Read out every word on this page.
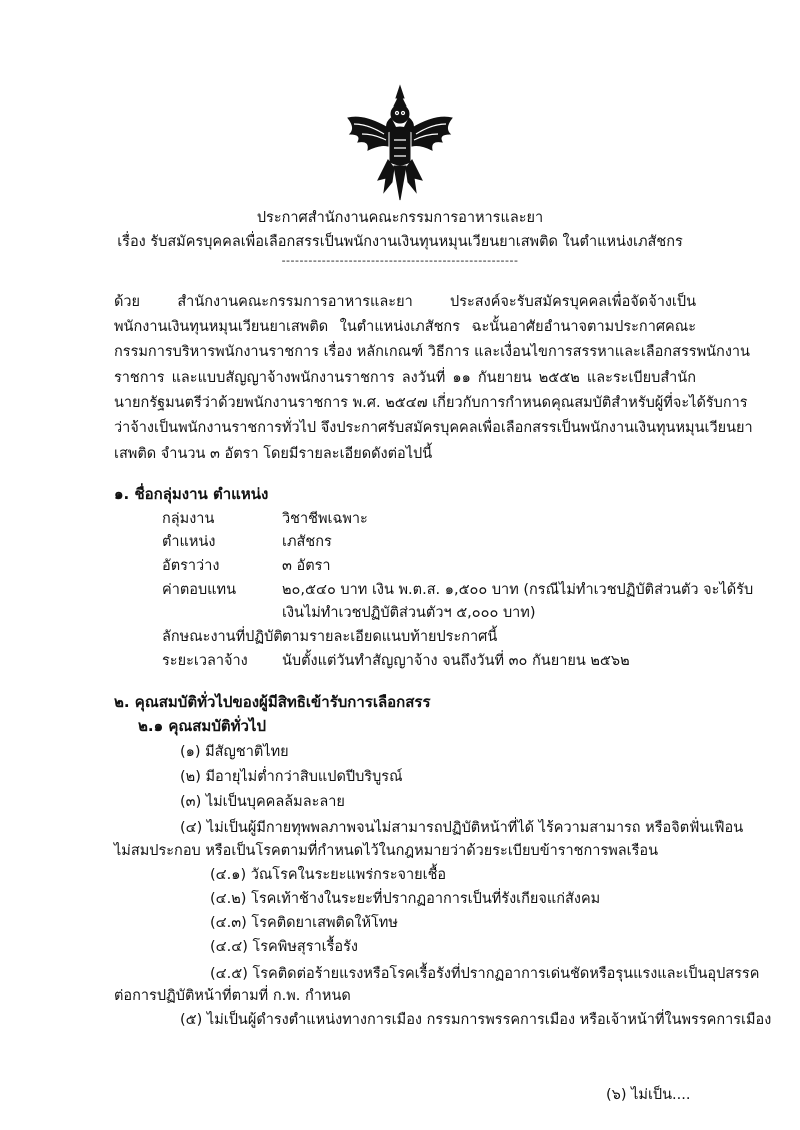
ประกาศสำนักงานคณะกรรมการอาหารและยา
เรื่อง รับสมัครบุคคลเพื่อเลือกสรรเป็นพนักงานเงินทุนหมุนเวียนยาเสพติด ในตำแหน่งเภสัชกร
-----------------------------------------------------
ด้วย สำนักงานคณะกรรมการอาหารและยา ประสงค์จะรับสมัครบุคคลเพื่อจัดจ้างเป็น
พนักงานเงินทุนหมุนเวียนยาเสพติด ในตำแหน่งเภสัชกร ฉะนั้นอาศัยอำนาจตามประกาศคณะ
กรรมการบริหารพนักงานราชการ เรื่อง หลักเกณฑ์ วิธีการ และเงื่อนไขการสรรหาและเลือกสรรพนักงาน
ราชการ และแบบสัญญาจ้างพนักงานราชการ ลงวันที่ ๑๑ กันยายน ๒๕๕๒ และระเบียบสำนัก
นายกรัฐมนตรีว่าด้วยพนักงานราชการ พ.ศ. ๒๕๔๗ เกี่ยวกับการกำหนดคุณสมบัติสำหรับผู้ที่จะได้รับการ
ว่าจ้างเป็นพนักงานราชการทั่วไป จึงประกาศรับสมัครบุคคลเพื่อเลือกสรรเป็นพนักงานเงินทุนหมุนเวียนยา
เสพติด จำนวน ๓ อัตรา โดยมีรายละเอียดดังต่อไปนี้
๑. ชื่อกลุ่มงาน ตำแหน่ง
กลุ่มงาน	วิชาชีพเฉพาะ
ตำแหน่ง	เภสัชกร
อัตราว่าง	๓ อัตรา
ค่าตอบแทน	๒๐,๕๔๐ บาท เงิน พ.ต.ส. ๑,๕๐๐ บาท (กรณีไม่ทำเวชปฏิบัติส่วนตัว จะได้รับ
เงินไม่ทำเวชปฏิบัติส่วนตัวฯ ๕,๐๐๐ บาท)
ลักษณะงานที่ปฏิบัติ ตามรายละเอียดแนบท้ายประกาศนี้
ระยะเวลาจ้าง นับตั้งแต่วันทำสัญญาจ้าง จนถึงวันที่ ๓๐ กันยายน ๒๕๖๒
๒. คุณสมบัติทั่วไปของผู้มีสิทธิเข้ารับการเลือกสรร
๒.๑ คุณสมบัติทั่วไป
(๑) มีสัญชาติไทย
(๒) มีอายุไม่ต่ำกว่าสิบแปดปีบริบูรณ์
(๓) ไม่เป็นบุคคลล้มละลาย
(๔) ไม่เป็นผู้มีกายทุพพลภาพจนไม่สามารถปฏิบัติหน้าที่ได้ ไร้ความสามารถ หรือจิตฟั่นเฟือน
ไม่สมประกอบ หรือเป็นโรคตามที่กำหนดไว้ในกฎหมายว่าด้วยระเบียบข้าราชการพลเรือน
(๔.๑) วัณโรคในระยะแพร่กระจายเชื้อ
(๔.๒) โรคเท้าช้างในระยะที่ปรากฏอาการเป็นที่รังเกียจแก่สังคม
(๔.๓) โรคติดยาเสพติดให้โทษ
(๔.๔) โรคพิษสุราเรื้อรัง
(๔.๕) โรคติดต่อร้ายแรงหรือโรคเรื้อรังที่ปรากฏอาการเด่นชัดหรือรุนแรงและเป็นอุปสรรค
ต่อการปฏิบัติหน้าที่ตามที่ ก.พ. กำหนด
(๕) ไม่เป็นผู้ดำรงตำแหน่งทางการเมือง กรรมการพรรคการเมือง หรือเจ้าหน้าที่ในพรรคการเมือง
(๖) ไม่เป็น....
